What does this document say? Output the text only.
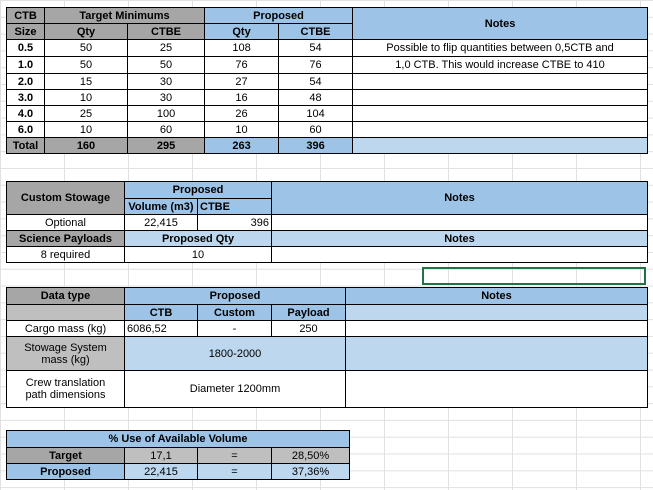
CTB	Target Minimums		Proposed		Notes
Size	Qty	CTBE	Qty	CTBE	
0.5	50	25	108	54	Possible to flip quantities between 0,5CTB and
1.0	50	50	76	76	1,0 CTB. This would increase CTBE to 410
2.0	15	30	27	54	
3.0	10	30	16	48	
4.0	25	100	26	104	
6.0	10	60	10	60	
Total	160	295	263	396	
Custom Stowage	Proposed		Notes
	Volume (m3)	CTBE	
Optional	22,415	396	
Science Payloads	Proposed Qty		Notes
8 required	10		
Data type	Proposed			Notes
	CTB	Custom	Payload	
Cargo mass (kg)	6086,52	-	250	

Stowage System
mass (kg)	1800-2000			

Crew translation
path dimensions	Diameter 1200mm			
% Use of Available Volume			
Target	17,1	=	28,50%
Proposed	22,415	=	37,36%
